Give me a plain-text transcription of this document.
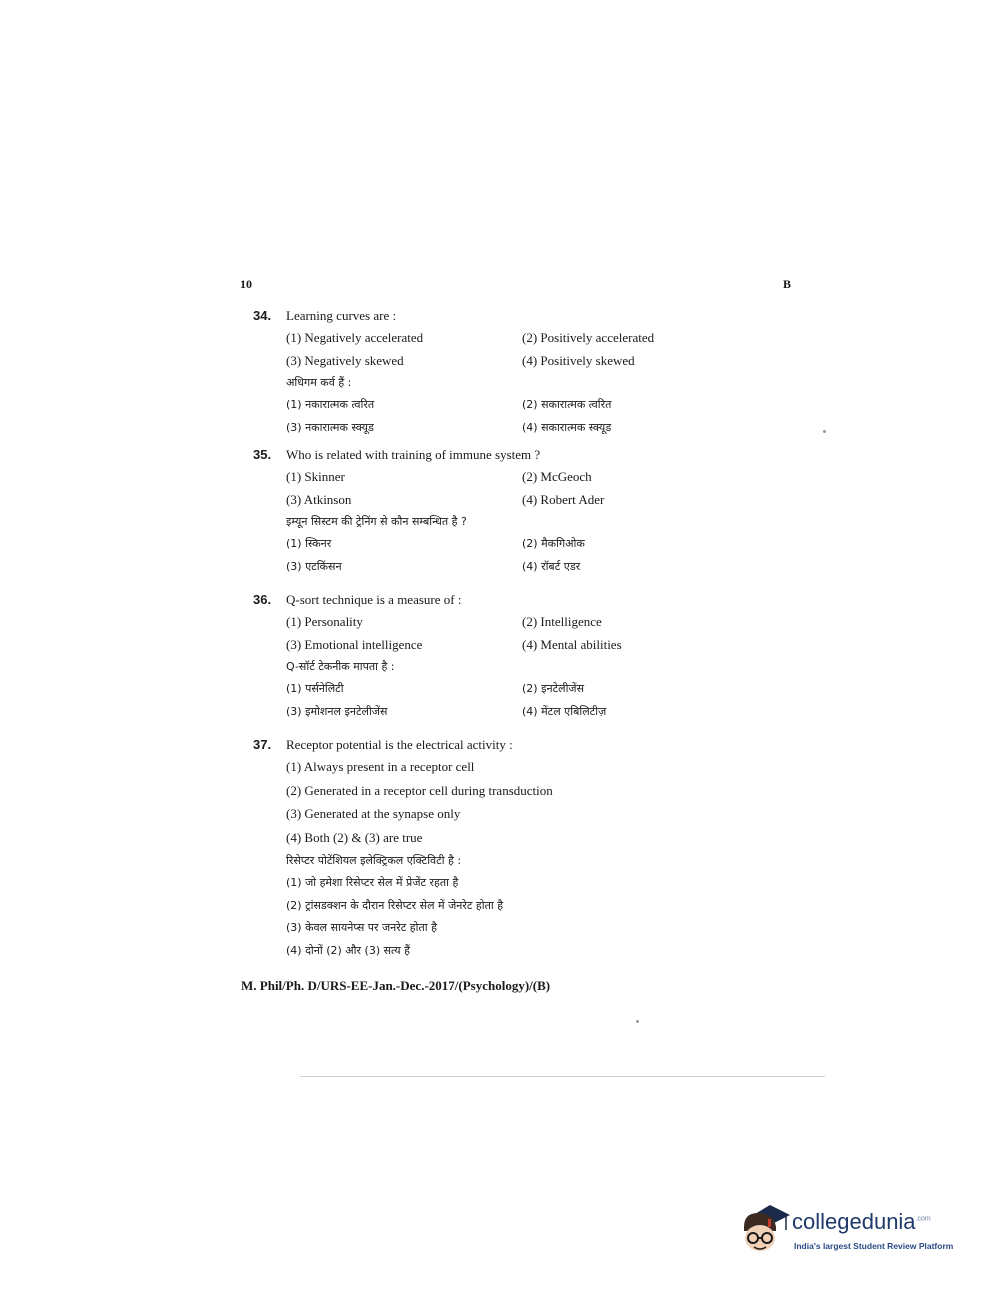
10	B
34.	Learning curves are :
(1) Negatively accelerated	(2) Positively accelerated
(3) Negatively skewed	(4) Positively skewed
अधिगम कर्व हैं :
(1) नकारात्मक त्वरित	(2) सकारात्मक त्वरित
(3) नकारात्मक स्क्यूड	(4) सकारात्मक स्क्यूड
35.	Who is related with training of immune system ?
(1) Skinner	(2) McGeoch
(3) Atkinson	(4) Robert Ader
इम्यून सिस्टम की ट्रेनिंग से कौन सम्बन्धित है ?
(1) स्किनर	(2) मैकगिओक
(3) एटकिंसन	(4) रॉबर्ट एडर
36.	Q-sort technique is a measure of :
(1) Personality	(2) Intelligence
(3) Emotional intelligence	(4) Mental abilities
Q-सॉर्ट टेकनीक मापता है :
(1) पर्सनेलिटी	(2) इनटेलीजेंस
(3) इमोशनल इनटेलीजेंस	(4) मेंटल एबिलिटीज़
37.	Receptor potential is the electrical activity :
(1) Always present in a receptor cell
(2) Generated in a receptor cell during transduction
(3) Generated at the synapse only
(4) Both (2) & (3) are true
रिसेप्टर पोटेंशियल इलेक्ट्रिकल एक्टिविटी है :
(1) जो हमेशा रिसेप्टर सेल में प्रेजेंट रहता है
(2) ट्रांसडक्शन के दौरान रिसेप्टर सेल में जेनरेट होता है
(3) केवल सायनेप्स पर जनरेट होता है
(4) दोनों (2) और (3) सत्य हैं
M. Phil/Ph. D/URS-EE-Jan.-Dec.-2017/(Psychology)/(B)
collegedunia$^{.com}$
India's largest Student Review Platform
